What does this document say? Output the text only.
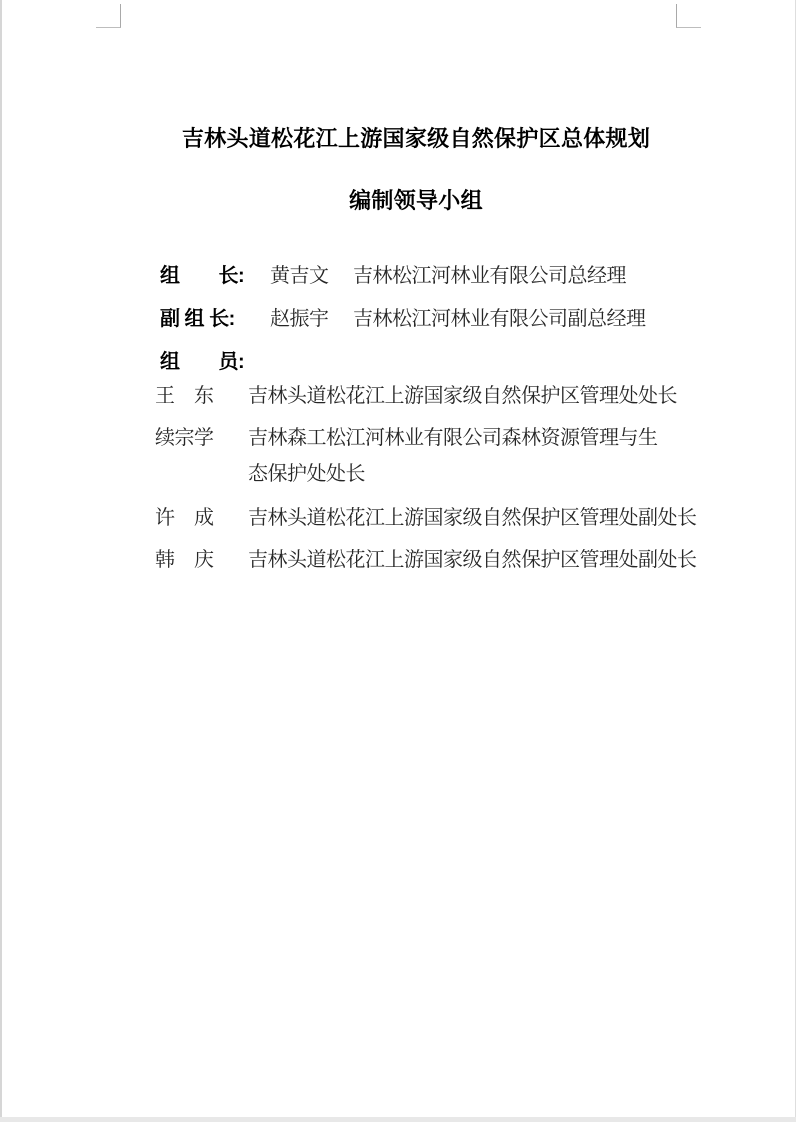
吉林头道松花江上游国家级自然保护区总体规划
编制领导小组
组　　长:	黄吉文	吉林松江河林业有限公司总经理
副 组 长:	赵振宇	吉林松江河林业有限公司副总经理
组　　员:
王　东	吉林头道松花江上游国家级自然保护区管理处处长
续宗学	吉林森工松江河林业有限公司森林资源管理与生
态保护处处长
许　成	吉林头道松花江上游国家级自然保护区管理处副处长
韩　庆	吉林头道松花江上游国家级自然保护区管理处副处长
